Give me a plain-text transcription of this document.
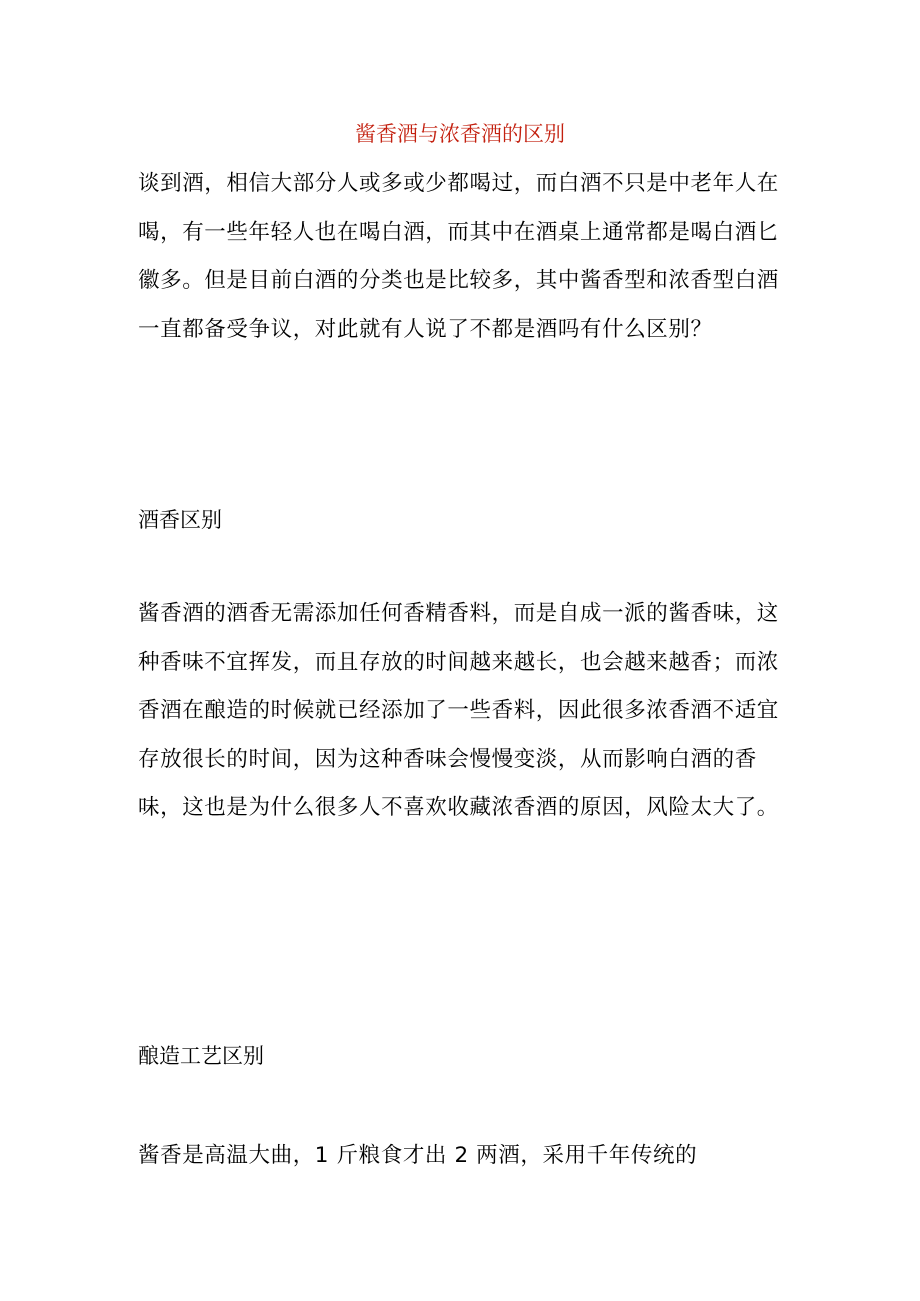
酱香酒与浓香酒的区别

谈到酒，相信大部分人或多或少都喝过，而白酒不只是中老年人在喝，有一些年轻人也在喝白酒，而其中在酒桌上通常都是喝白酒匕徽多。但是目前白酒的分类也是比较多，其中酱香型和浓香型白酒一直都备受争议，对此就有人说了不都是酒吗有什么区别？

酒香区别

酱香酒的酒香无需添加任何香精香料，而是自成一派的酱香味，这种香味不宜挥发，而且存放的时间越来越长，也会越来越香；而浓香酒在酿造的时候就已经添加了一些香料，因此很多浓香酒不适宜存放很长的时间，因为这种香味会慢慢变淡，从而影响白酒的香味，这也是为什么很多人不喜欢收藏浓香酒的原因，风险太大了。

酿造工艺区别

酱香是高温大曲，1 斤粮食才出 2 两酒，采用千年传统的
